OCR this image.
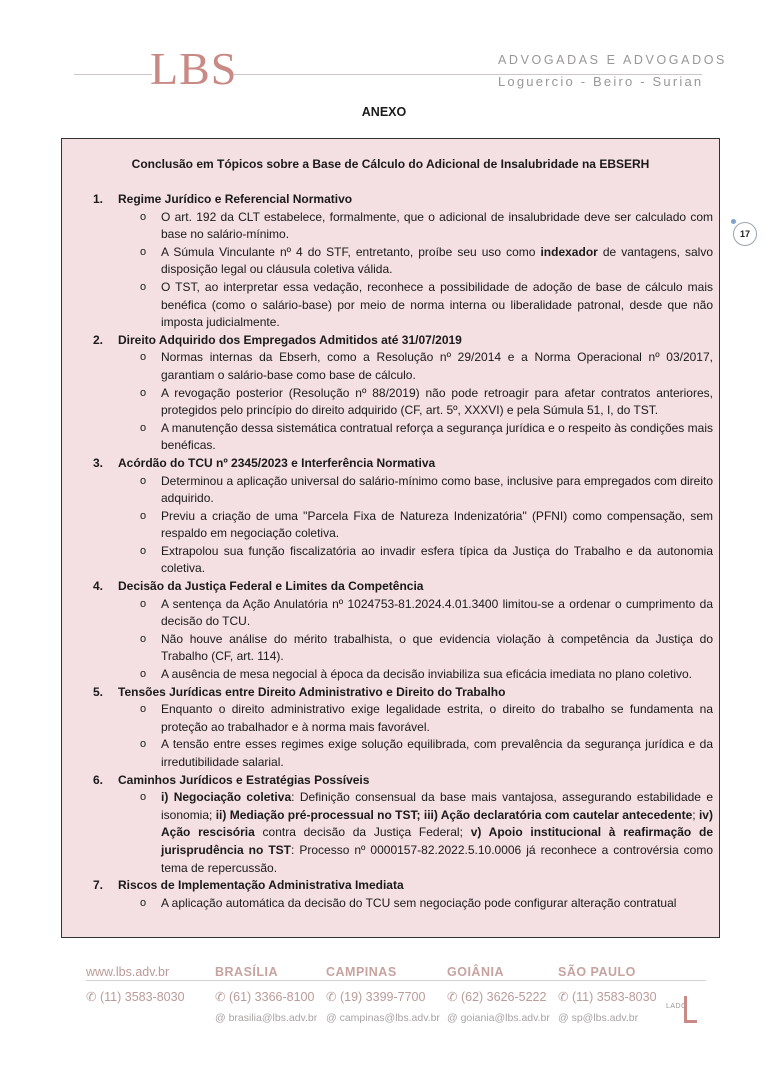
LBS	ADVOGADAS E ADVOGADOS
Loguercio - Beiro - Surian
ANEXO
17
Conclusão em Tópicos sobre a Base de Cálculo do Adicional de Insalubridade na EBSERH
1. Regime Jurídico e Referencial Normativo
o O art. 192 da CLT estabelece, formalmente, que o adicional de insalubridade deve ser calculado com base no salário-mínimo.
o A Súmula Vinculante nº 4 do STF, entretanto, proíbe seu uso como indexador de vantagens, salvo disposição legal ou cláusula coletiva válida.
o O TST, ao interpretar essa vedação, reconhece a possibilidade de adoção de base de cálculo mais benéfica (como o salário-base) por meio de norma interna ou liberalidade patronal, desde que não imposta judicialmente.
2. Direito Adquirido dos Empregados Admitidos até 31/07/2019
o Normas internas da Ebserh, como a Resolução nº 29/2014 e a Norma Operacional nº 03/2017, garantiam o salário-base como base de cálculo.
o A revogação posterior (Resolução nº 88/2019) não pode retroagir para afetar contratos anteriores, protegidos pelo princípio do direito adquirido (CF, art. 5º, XXXVI) e pela Súmula 51, I, do TST.
o A manutenção dessa sistemática contratual reforça a segurança jurídica e o respeito às condições mais benéficas.
3. Acórdão do TCU nº 2345/2023 e Interferência Normativa
o Determinou a aplicação universal do salário-mínimo como base, inclusive para empregados com direito adquirido.
o Previu a criação de uma "Parcela Fixa de Natureza Indenizatória" (PFNI) como compensação, sem respaldo em negociação coletiva.
o Extrapolou sua função fiscalizatória ao invadir esfera típica da Justiça do Trabalho e da autonomia coletiva.
4. Decisão da Justiça Federal e Limites da Competência
o A sentença da Ação Anulatória nº 1024753-81.2024.4.01.3400 limitou-se a ordenar o cumprimento da decisão do TCU.
o Não houve análise do mérito trabalhista, o que evidencia violação à competência da Justiça do Trabalho (CF, art. 114).
o A ausência de mesa negocial à época da decisão inviabiliza sua eficácia imediata no plano coletivo.
5. Tensões Jurídicas entre Direito Administrativo e Direito do Trabalho
o Enquanto o direito administrativo exige legalidade estrita, o direito do trabalho se fundamenta na proteção ao trabalhador e à norma mais favorável.
o A tensão entre esses regimes exige solução equilibrada, com prevalência da segurança jurídica e da irredutibilidade salarial.
6. Caminhos Jurídicos e Estratégias Possíveis
o i) Negociação coletiva: Definição consensual da base mais vantajosa, assegurando estabilidade e isonomia; ii) Mediação pré-processual no TST; iii) Ação declaratória com cautelar antecedente; iv) Ação rescisória contra decisão da Justiça Federal; v) Apoio institucional à reafirmação de jurisprudência no TST: Processo nº 0000157-82.2022.5.10.0006 já reconhece a controvérsia como tema de repercussão.
7. Riscos de Implementação Administrativa Imediata
o A aplicação automática da decisão do TCU sem negociação pode configurar alteração contratual
www.lbs.adv.br
✆ (11) 3583-8030
BRASÍLIA
✆ (61) 3366-8100
@ brasilia@lbs.adv.br
CAMPINAS
✆ (19) 3399-7700
@ campinas@lbs.adv.br
GOIÂNIA
✆ (62) 3626-5222
@ goiania@lbs.adv.br
SÃO PAULO
✆ (11) 3583-8030
@ sp@lbs.adv.br
LADO
